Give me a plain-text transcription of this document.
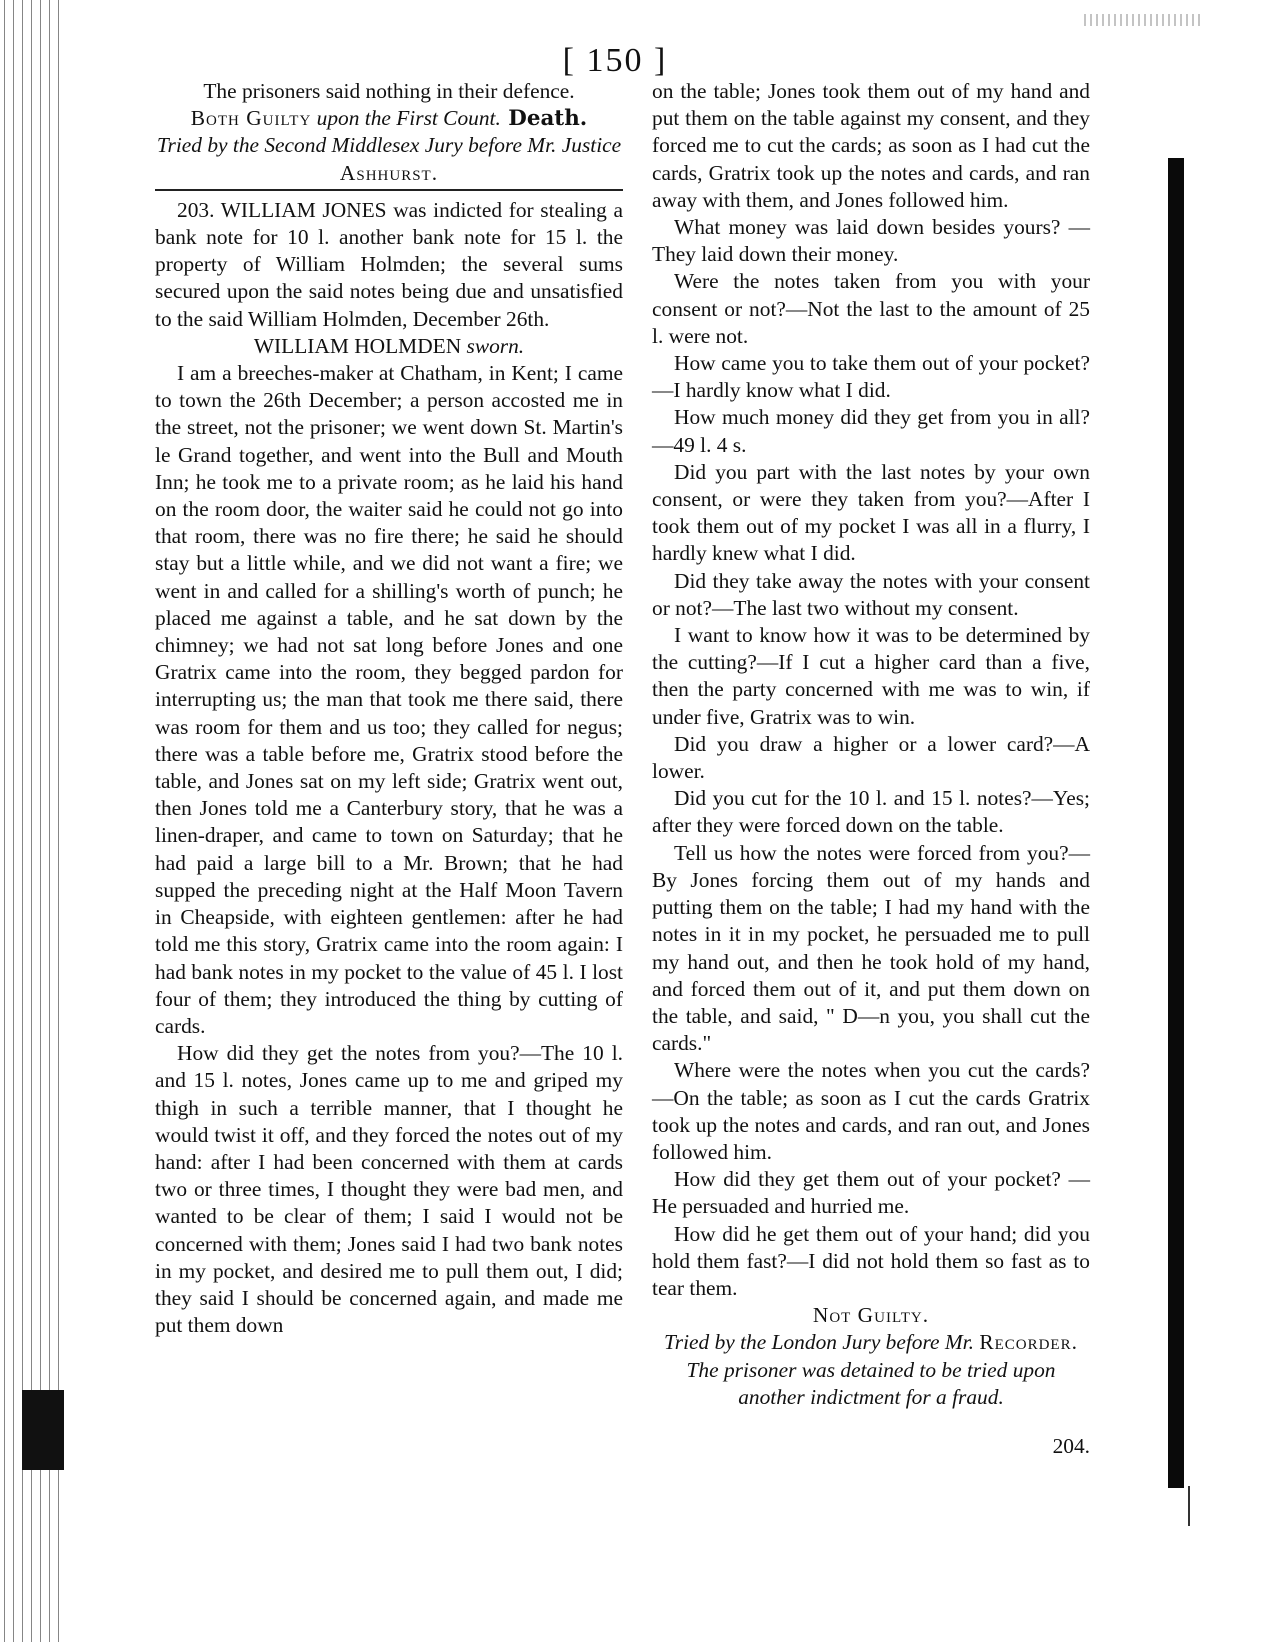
[ 150 ]

The prisoners said nothing in their defence.

Both Guilty upon the First Count. Death.

Tried by the Second Middlesex Jury before Mr. Justice Ashhurst.

203. WILLIAM JONES was indicted for stealing a bank note for 10 l. another bank note for 15 l. the property of William Holmden; the several sums secured upon the said notes being due and unsatisfied to the said William Holmden, December 26th.

WILLIAM HOLMDEN sworn.

I am a breeches-maker at Chatham, in Kent; I came to town the 26th December; a person accosted me in the street, not the prisoner; we went down St. Martin's le Grand together, and went into the Bull and Mouth Inn; he took me to a private room; as he laid his hand on the room door, the waiter said he could not go into that room, there was no fire there; he said he should stay but a little while, and we did not want a fire; we went in and called for a shilling's worth of punch; he placed me against a table, and he sat down by the chimney; we had not sat long before Jones and one Gratrix came into the room, they begged pardon for interrupting us; the man that took me there said, there was room for them and us too; they called for negus; there was a table before me, Gratrix stood before the table, and Jones sat on my left side; Gratrix went out, then Jones told me a Canterbury story, that he was a linen-draper, and came to town on Saturday; that he had paid a large bill to a Mr. Brown; that he had supped the preceding night at the Half Moon Tavern in Cheapside, with eighteen gentlemen: after he had told me this story, Gratrix came into the room again: I had bank notes in my pocket to the value of 45 l. I lost four of them; they introduced the thing by cutting of cards.

How did they get the notes from you?—The 10 l. and 15 l. notes, Jones came up to me and griped my thigh in such a terrible manner, that I thought he would twist it off, and they forced the notes out of my hand: after I had been concerned with them at cards two or three times, I thought they were bad men, and wanted to be clear of them; I said I would not be concerned with them; Jones said I had two bank notes in my pocket, and desired me to pull them out, I did; they said I should be concerned again, and made me put them down

on the table; Jones took them out of my hand and put them on the table against my consent, and they forced me to cut the cards; as soon as I had cut the cards, Gratrix took up the notes and cards, and ran away with them, and Jones followed him.

What money was laid down besides yours? —They laid down their money.

Were the notes taken from you with your consent or not?—Not the last to the amount of 25 l. were not.

How came you to take them out of your pocket?—I hardly know what I did.

How much money did they get from you in all?—49 l. 4 s.

Did you part with the last notes by your own consent, or were they taken from you?—After I took them out of my pocket I was all in a flurry, I hardly knew what I did.

Did they take away the notes with your consent or not?—The last two without my consent.

I want to know how it was to be determined by the cutting?—If I cut a higher card than a five, then the party concerned with me was to win, if under five, Gratrix was to win.

Did you draw a higher or a lower card?—A lower.

Did you cut for the 10 l. and 15 l. notes?—Yes; after they were forced down on the table.

Tell us how the notes were forced from you?—By Jones forcing them out of my hands and putting them on the table; I had my hand with the notes in it in my pocket, he persuaded me to pull my hand out, and then he took hold of my hand, and forced them out of it, and put them down on the table, and said, " D—n you, you shall cut the cards."

Where were the notes when you cut the cards?—On the table; as soon as I cut the cards Gratrix took up the notes and cards, and ran out, and Jones followed him.

How did they get them out of your pocket? —He persuaded and hurried me.

How did he get them out of your hand; did you hold them fast?—I did not hold them so fast as to tear them.

Not Guilty.

Tried by the London Jury before Mr. Recorder.

The prisoner was detained to be tried upon another indictment for a fraud.

204.
